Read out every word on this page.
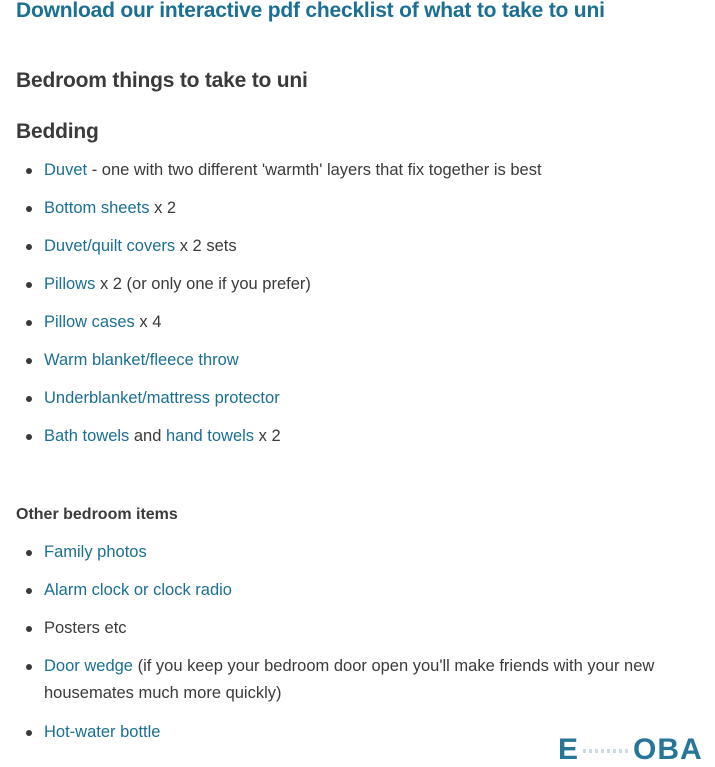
Download our interactive pdf checklist of what to take to uni
Bedroom things to take to uni
Bedding
Duvet - one with two different 'warmth' layers that fix together is best
Bottom sheets x 2
Duvet/quilt covers x 2 sets
Pillows x 2 (or only one if you prefer)
Pillow cases x 4
Warm blanket/fleece throw
Underblanket/mattress protector
Bath towels and hand towels x 2
Other bedroom items
Family photos
Alarm clock or clock radio
Posters etc
Door wedge (if you keep your bedroom door open you'll make friends with your new housemates much more quickly)
Hot-water bottle
E OBA
